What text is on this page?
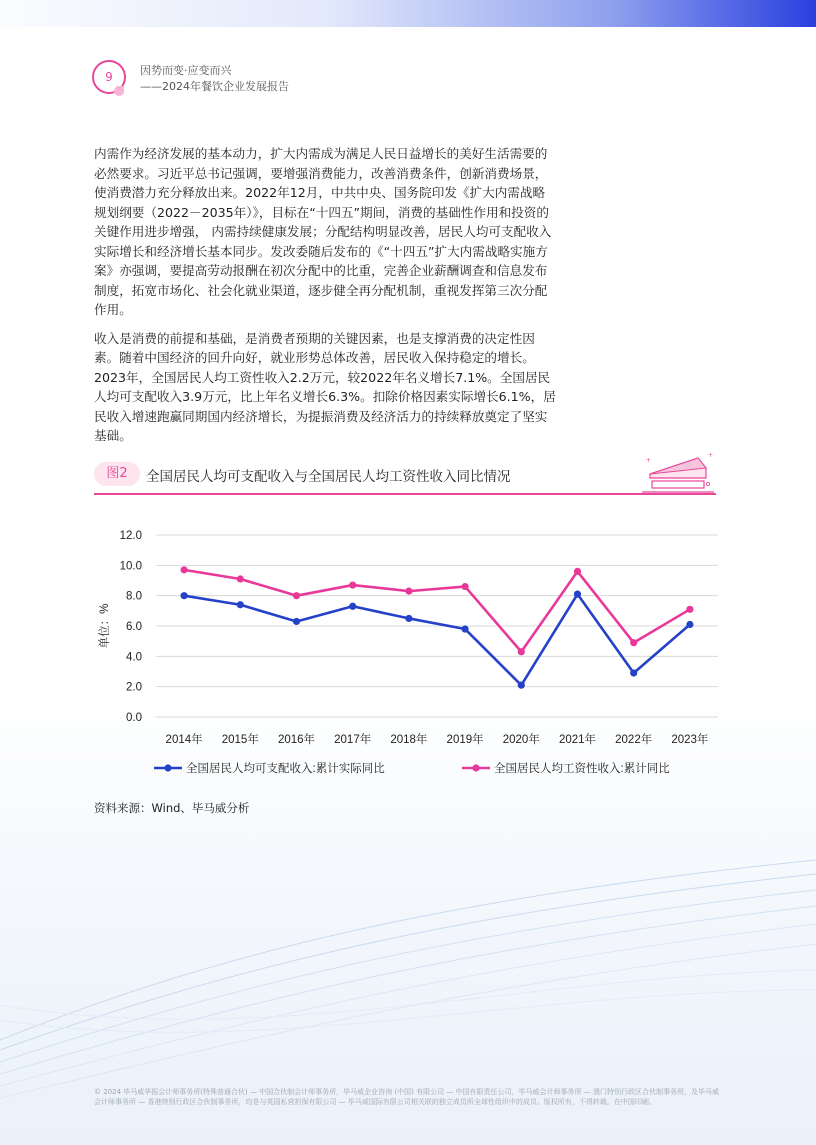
9	因势而变·应变而兴
——2024年餐饮企业发展报告

内需作为经济发展的基本动力，扩大内需成为满足人民日益增长的美好生活需要的必然要求。习近平总书记强调，要增强消费能力，改善消费条件，创新消费场景，使消费潜力充分释放出来。2022年12月，中共中央、国务院印发《扩大内需战略规划纲要（2022－2035年）》，目标在“十四五”期间，消费的基础性作用和投资的关键作用进步增强， 内需持续健康发展；分配结构明显改善，居民人均可支配收入实际增长和经济增长基本同步。发改委随后发布的《“十四五”扩大内需战略实施方案》亦强调，要提高劳动报酬在初次分配中的比重，完善企业薪酬调查和信息发布制度，拓宽市场化、社会化就业渠道，逐步健全再分配机制，重视发挥第三次分配作用。

收入是消费的前提和基础，是消费者预期的关键因素，也是支撑消费的决定性因素。随着中国经济的回升向好，就业形势总体改善，居民收入保持稳定的增长。2023年，全国居民人均工资性收入2.2万元，较2022年名义增长7.1%。全国居民人均可支配收入3.9万元，比上年名义增长6.3%。扣除价格因素实际增长6.1%，居民收入增速跑赢同期国内经济增长，为提振消费及经济活力的持续释放奠定了坚实基础。

图2	全国居民人均可支配收入与全国居民人均工资性收入同比情况
+
+
0.0
2.0
4.0
6.0
8.0
10.0
12.0
单位：%
2014年 2015年 2016年 2017年 2018年 2019年 2020年 2021年 2022年 2023年
全国居民人均可支配收入:累计实际同比	全国居民人均工资性收入:累计同比
资料来源：Wind、毕马威分析
© 2024 毕马威华振会计师事务所(特殊普通合伙) — 中国合伙制会计师事务所，毕马威企业咨询 (中国) 有限公司 — 中国有限责任公司，毕马威会计师事务所 — 澳门特别行政区合伙制事务所，及毕马威会计师事务所 — 香港特别行政区合伙制事务所，均是与英国私营担保有限公司 — 毕马威国际有限公司相关联的独立成员所全球性组织中的成员。版权所有，不得转载。在中国印刷。
